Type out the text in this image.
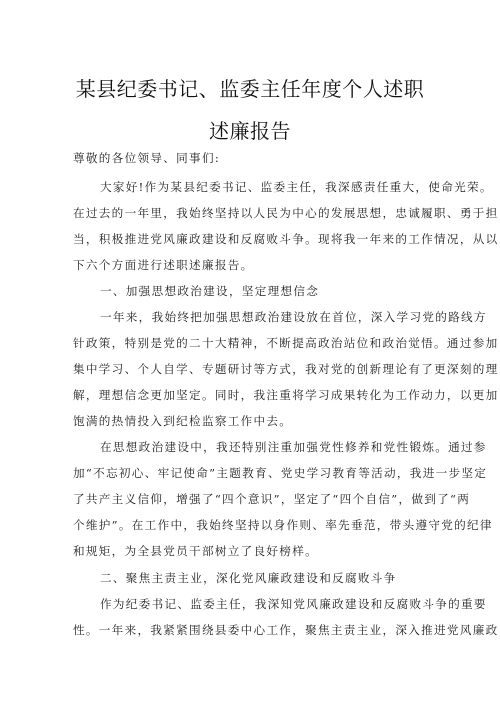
某县纪委书记、监委主任年度个人述职
述廉报告
尊敬的各位领导、同事们:
大家好!作为某县纪委书记、监委主任，我深感责任重大，使命光荣。
在过去的一年里，我始终坚持以人民为中心的发展思想，忠诚履职、勇于担
当，积极推进党风廉政建设和反腐败斗争。现将我一年来的工作情况，从以
下六个方面进行述职述廉报告。
一、加强思想政治建设，坚定理想信念
一年来，我始终把加强思想政治建设放在首位，深入学习党的路线方
针政策，特别是党的二十大精神，不断提高政治站位和政治觉悟。通过参加
集中学习、个人自学、专题研讨等方式，我对党的创新理论有了更深刻的理
解，理想信念更加坚定。同时，我注重将学习成果转化为工作动力，以更加
饱满的热情投入到纪检监察工作中去。
在思想政治建设中，我还特别注重加强党性修养和党性锻炼。通过参
加“不忘初心、牢记使命”主题教育、党史学习教育等活动，我进一步坚定
了共产主义信仰，增强了“四个意识”，坚定了“四个自信”，做到了“两
个维护”。在工作中，我始终坚持以身作则、率先垂范，带头遵守党的纪律
和规矩，为全县党员干部树立了良好榜样。
二、聚焦主责主业，深化党风廉政建设和反腐败斗争
作为纪委书记、监委主任，我深知党风廉政建设和反腐败斗争的重要
性。一年来，我紧紧围绕县委中心工作，聚焦主责主业，深入推进党风廉政
